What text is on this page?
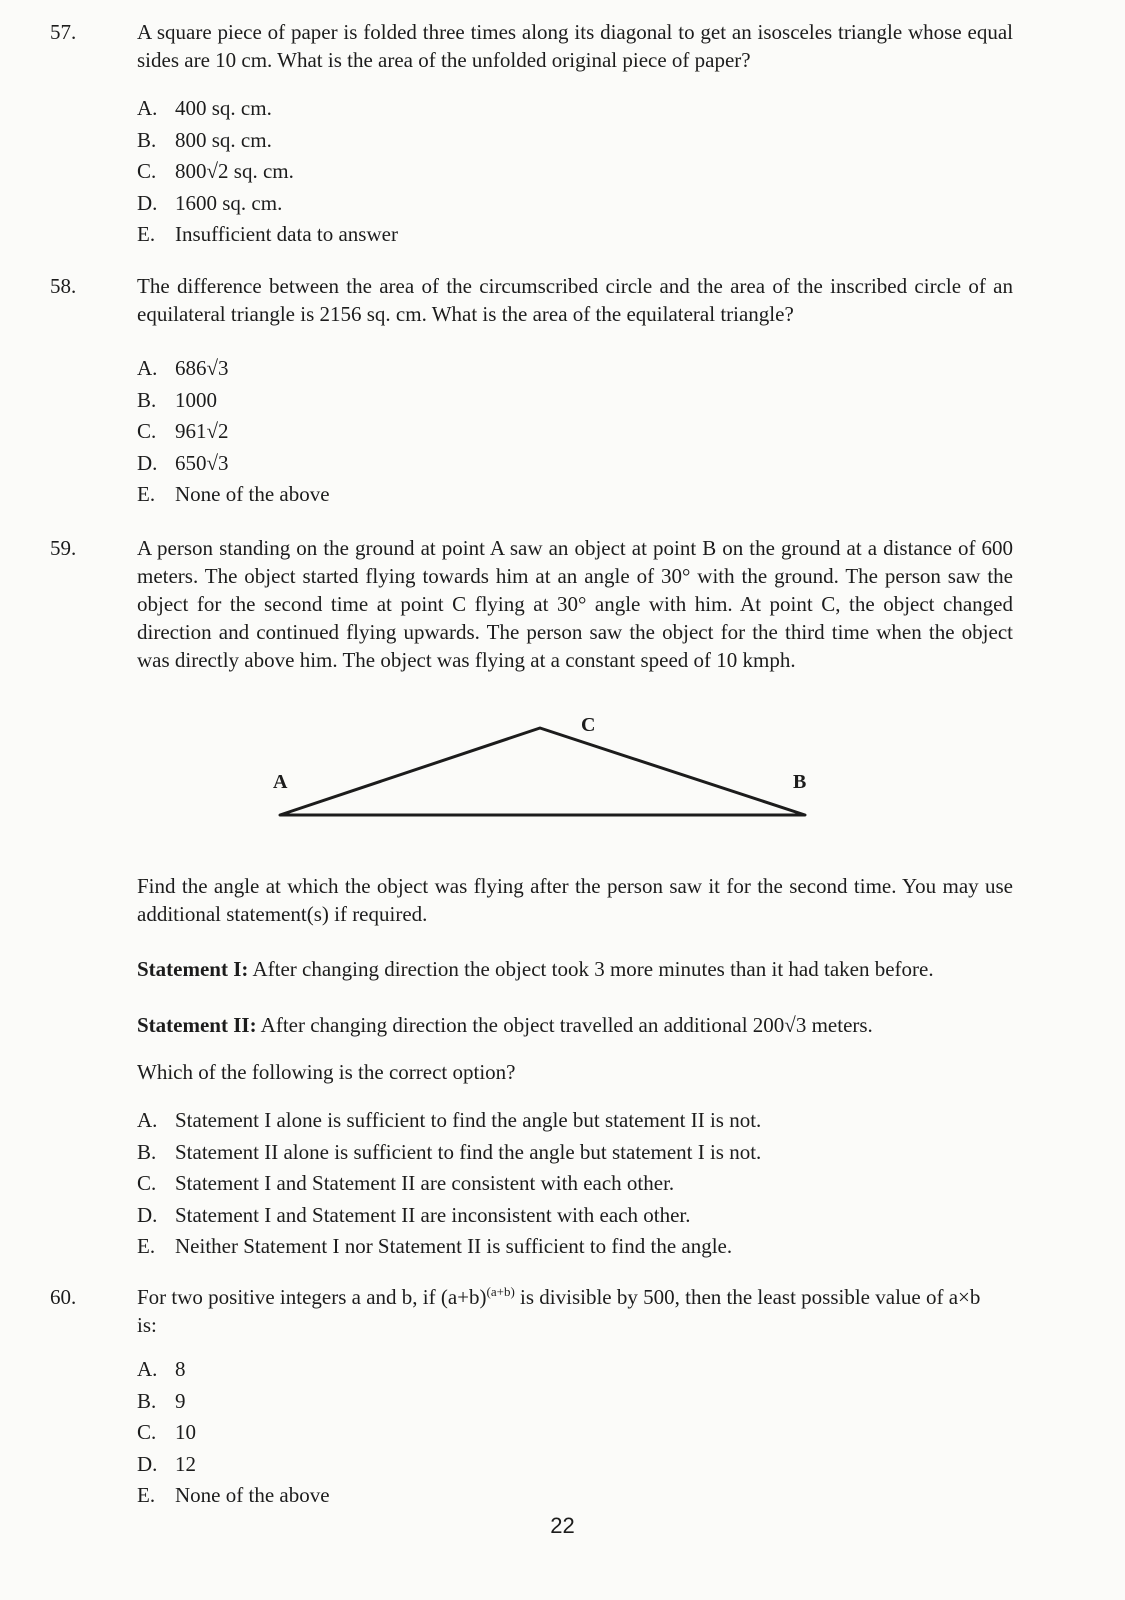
57.	A square piece of paper is folded three times along its diagonal to get an isosceles triangle whose equal sides are 10 cm. What is the area of the unfolded original piece of paper?
A. 400 sq. cm.
B. 800 sq. cm.
C. 800√2 sq. cm.
D. 1600 sq. cm.
E. Insufficient data to answer
58.	The difference between the area of the circumscribed circle and the area of the inscribed circle of an equilateral triangle is 2156 sq. cm. What is the area of the equilateral triangle?
A. 686√3
B. 1000
C. 961√2
D. 650√3
E. None of the above
59.	A person standing on the ground at point A saw an object at point B on the ground at a distance of 600 meters. The object started flying towards him at an angle of 30° with the ground. The person saw the object for the second time at point C flying at 30° angle with him. At point C, the object changed direction and continued flying upwards. The person saw the object for the third time when the object was directly above him. The object was flying at a constant speed of 10 kmph.
A
C
B
Find the angle at which the object was flying after the person saw it for the second time. You may use additional statement(s) if required.
Statement I: After changing direction the object took 3 more minutes than it had taken before.
Statement II: After changing direction the object travelled an additional 200√3 meters.
Which of the following is the correct option?
A. Statement I alone is sufficient to find the angle but statement II is not.
B. Statement II alone is sufficient to find the angle but statement I is not.
C. Statement I and Statement II are consistent with each other.
D. Statement I and Statement II are inconsistent with each other.
E. Neither Statement I nor Statement II is sufficient to find the angle.
60.	For two positive integers a and b, if $(a+b)^{(a+b)}$ is divisible by 500, then the least possible value of a×b is:
A. 8
B. 9
C. 10
D. 12
E. None of the above
22
